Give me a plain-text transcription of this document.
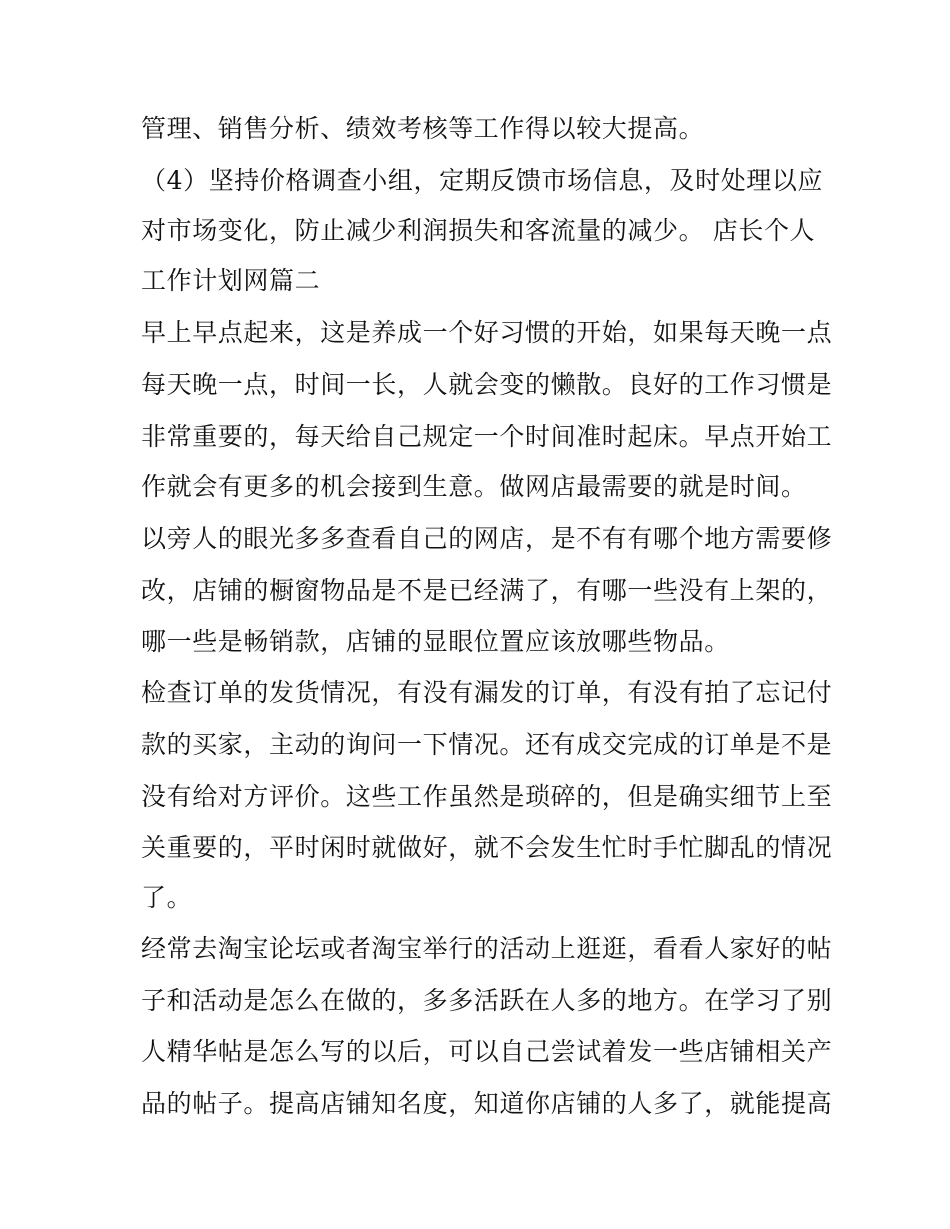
管理、销售分析、绩效考核等工作得以较大提高。
（4）坚持价格调查小组，定期反馈市场信息，及时处理以应
对市场变化，防止减少利润损失和客流量的减少。 店长个人
工作计划网篇二
早上早点起来，这是养成一个好习惯的开始，如果每天晚一点
每天晚一点，时间一长，人就会变的懒散。良好的工作习惯是
非常重要的，每天给自己规定一个时间准时起床。早点开始工
作就会有更多的机会接到生意。做网店最需要的就是时间。
以旁人的眼光多多查看自己的网店，是不有有哪个地方需要修
改，店铺的橱窗物品是不是已经满了，有哪一些没有上架的，
哪一些是畅销款，店铺的显眼位置应该放哪些物品。
检查订单的发货情况，有没有漏发的订单，有没有拍了忘记付
款的买家，主动的询问一下情况。还有成交完成的订单是不是
没有给对方评价。这些工作虽然是琐碎的，但是确实细节上至
关重要的，平时闲时就做好，就不会发生忙时手忙脚乱的情况
了。
经常去淘宝论坛或者淘宝举行的活动上逛逛，看看人家好的帖
子和活动是怎么在做的，多多活跃在人多的地方。在学习了别
人精华帖是怎么写的以后，可以自己尝试着发一些店铺相关产
品的帖子。提高店铺知名度，知道你店铺的人多了，就能提高
